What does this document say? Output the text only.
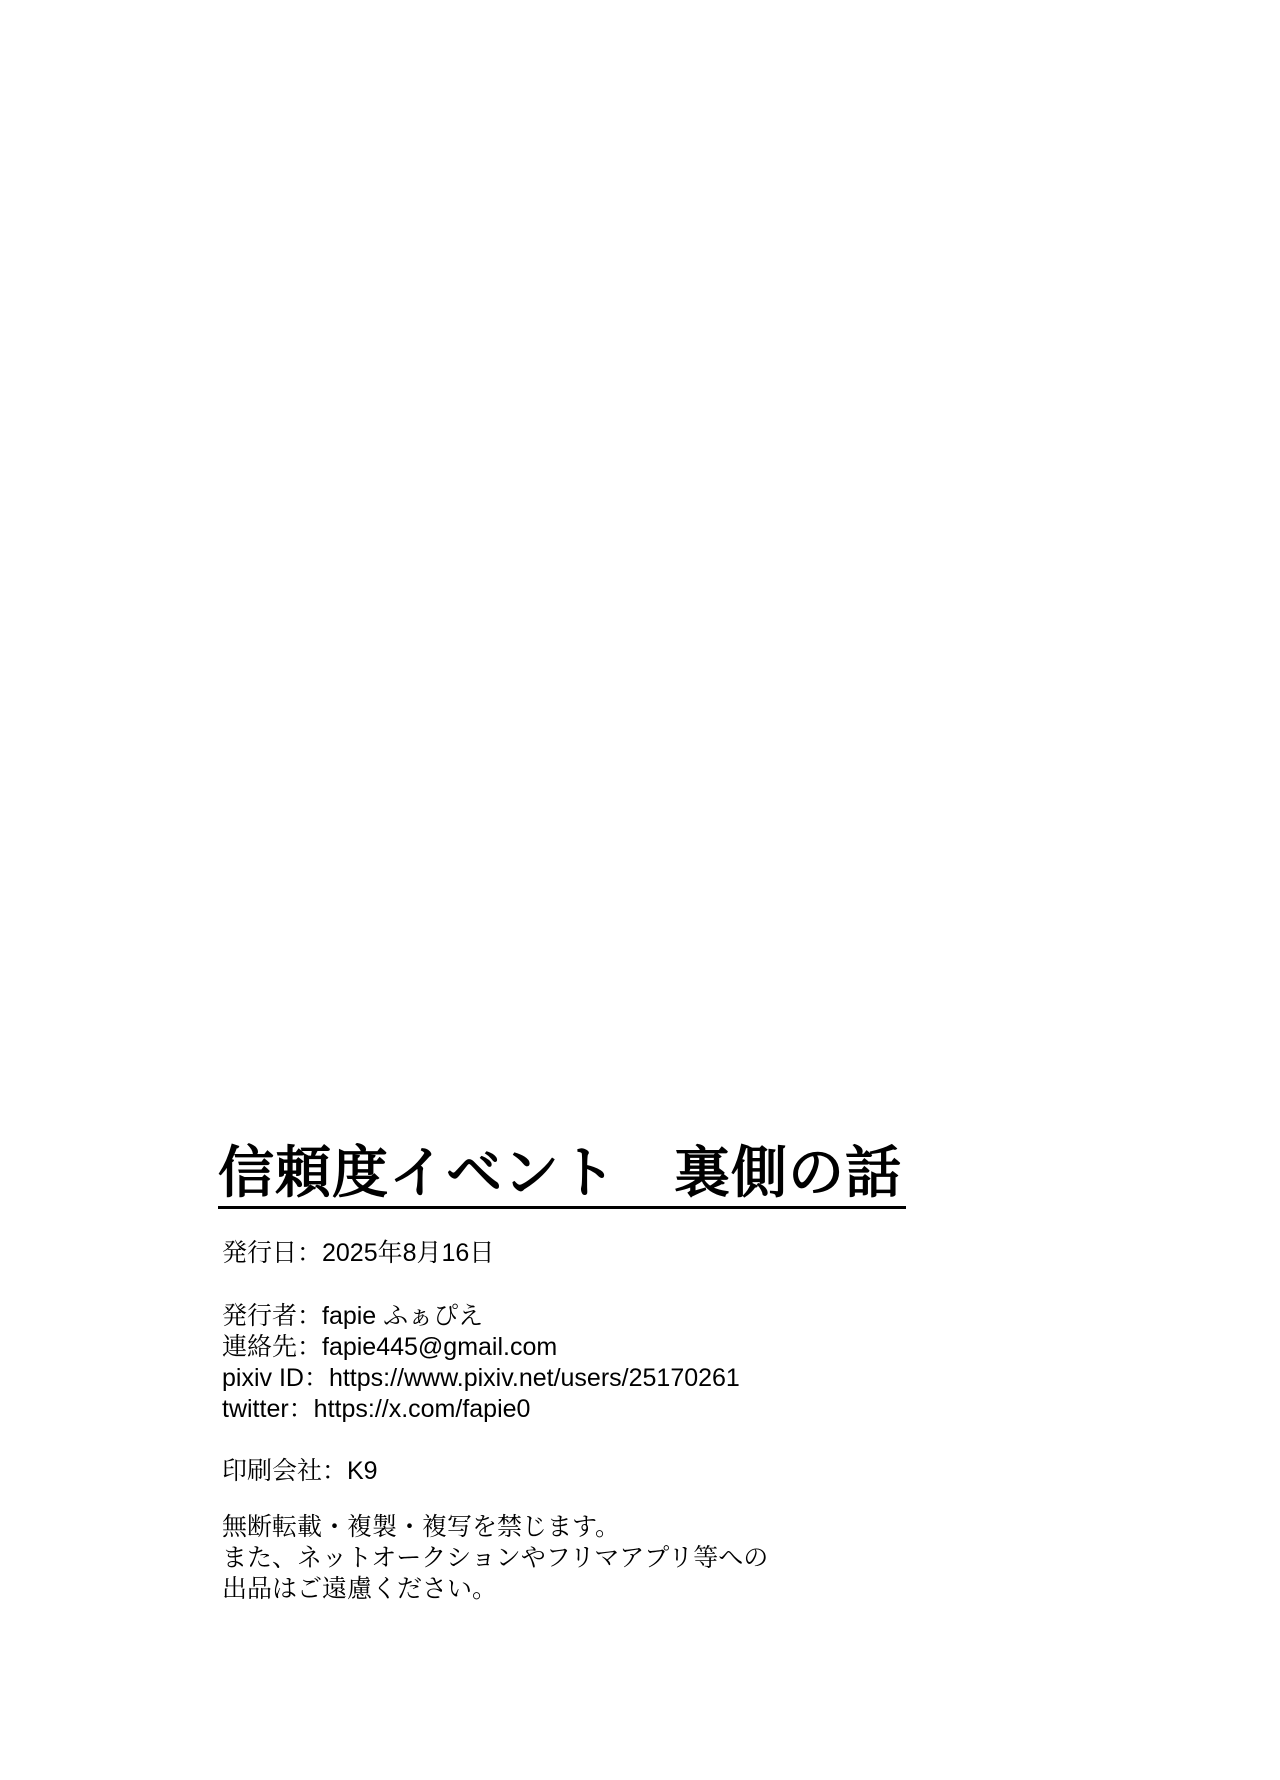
信頼度イベント　裏側の話
発行日：2025年8月16日
発行者：fapie ふぁぴえ
連絡先：fapie445@gmail.com
pixiv ID：https://www.pixiv.net/users/25170261
twitter：https://x.com/fapie0
印刷会社：K9
無断転載・複製・複写を禁じます。
また、ネットオークションやフリマアプリ等への
出品はご遠慮ください。
